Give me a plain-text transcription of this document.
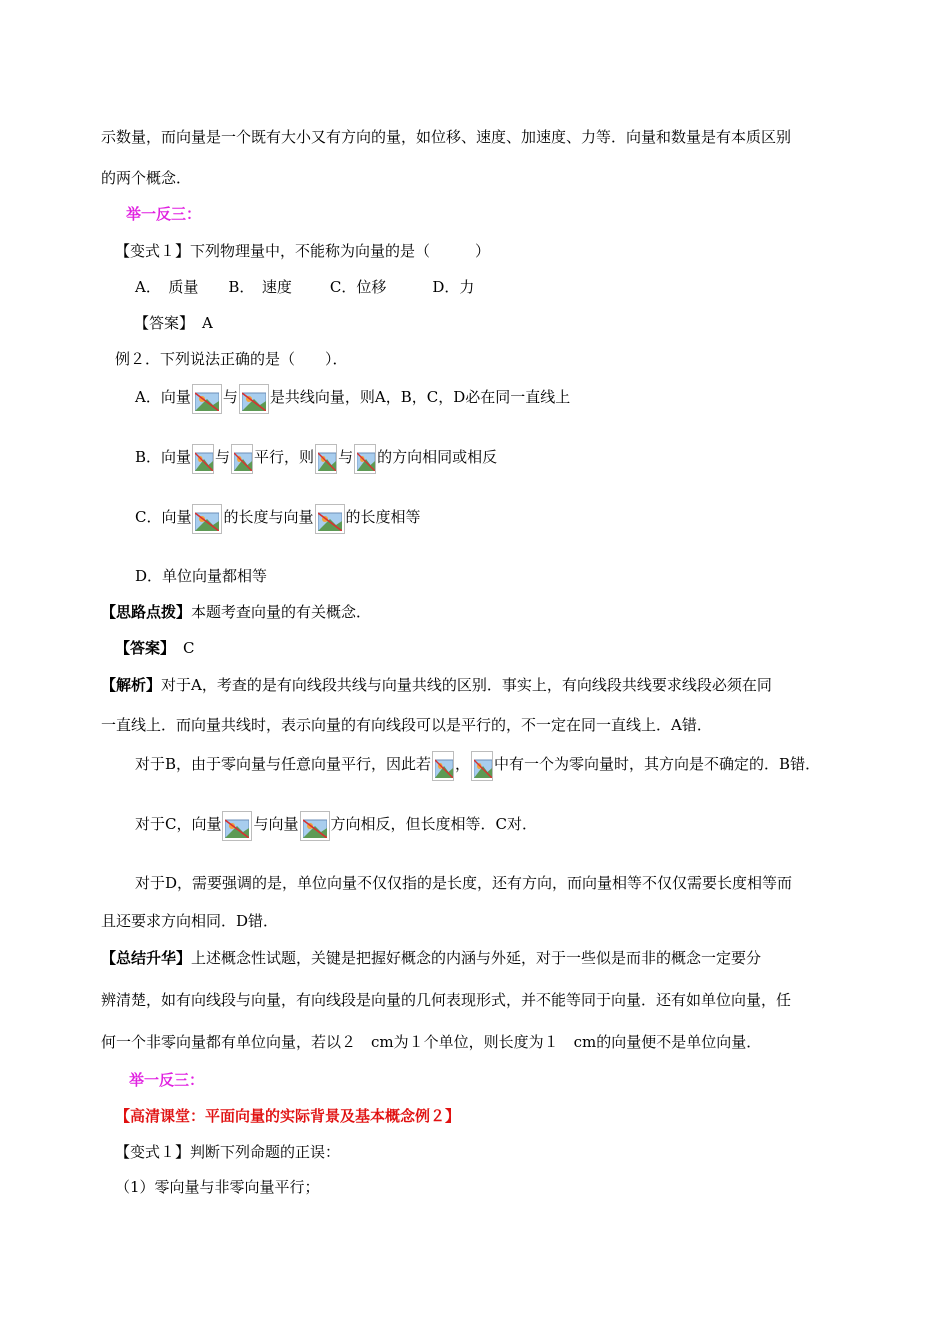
示数量，而向量是一个既有大小又有方向的量，如位移、速度、加速度、力等．向量和数量是有本质区别
的两个概念．
举一反三：
【变式１】下列物理量中，不能称为向量的是（　　　）
A．　质量 B．　速度	C．位移	D．力
【答案】 A
例２．下列说法正确的是（　　）．
A．向量 与 是共线向量，则A，B，C，D必在同一直线上
B．向量 与 平行，则 与 的方向相同或相反
C．向量 的长度与向量 的长度相等
D．单位向量都相等
【思路点拨】本题考查向量的有关概念．
【答案】 C
【解析】对于A，考查的是有向线段共线与向量共线的区别．事实上，有向线段共线要求线段必须在同
一直线上．而向量共线时，表示向量的有向线段可以是平行的，不一定在同一直线上．A错．
对于B，由于零向量与任意向量平行，因此若 ， 中有一个为零向量时，其方向是不确定的．B错．
对于C，向量 与向量 方向相反，但长度相等．C对．
对于D，需要强调的是，单位向量不仅仅指的是长度，还有方向，而向量相等不仅仅需要长度相等而
且还要求方向相同．D错．
【总结升华】上述概念性试题，关键是把握好概念的内涵与外延，对于一些似是而非的概念一定要分
辨清楚，如有向线段与向量，有向线段是向量的几何表现形式，并不能等同于向量．还有如单位向量，任
何一个非零向量都有单位向量，若以２　cm为１个单位，则长度为１　cm的向量便不是单位向量．
举一反三：
【高清课堂：平面向量的实际背景及基本概念例２】
【变式１】判断下列命题的正误：
（1）零向量与非零向量平行；
